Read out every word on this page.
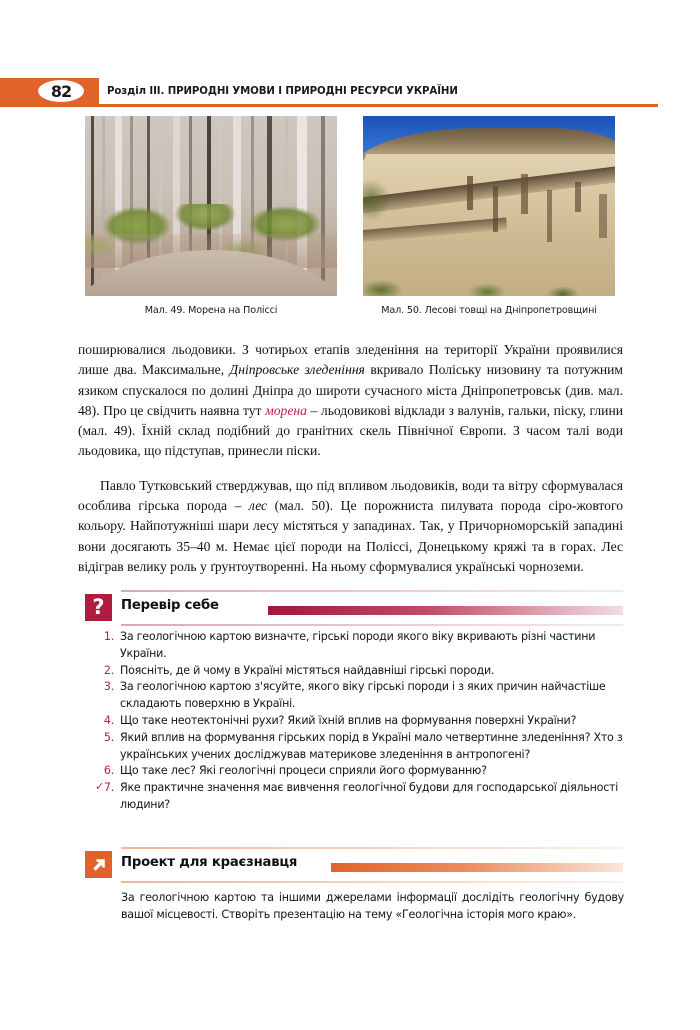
82	Розділ III. ПРИРОДНІ УМОВИ І ПРИРОДНІ РЕСУРСИ УКРАЇНИ
Мал. 49. Морена на Поліссі	Мал. 50. Лесові товщі на Дніпропетровщині

поширювалися льодовики. З чотирьох етапів зледеніння на території України проявилися лише два. Максимальне, Дніпровське зледеніння вкривало Поліську низовину та потужним язиком спускалося по долині Дніпра до широти сучасного міста Дніпропетровськ (див. мал. 48). Про це свідчить наявна тут морена – льодовикові відклади з валунів, гальки, піску, глини (мал. 49). Їхній склад подібний до гранітних скель Північної Європи. З часом талі води льодовика, що підступав, принесли піски.

Павло Тутковський стверджував, що під впливом льодовиків, води та вітру сформувалася особлива гірська порода – лес (мал. 50). Це порожниста пилувата порода сіро-жовтого кольору. Найпотужніші шари лесу містяться у западинах. Так, у Причорноморській западині вони досягають 35–40 м. Немає цієї породи на Поліссі, Донецькому кряжі та в горах. Лес відіграв велику роль у ґрунтоутворенні. На ньому сформувалися українські чорноземи.

? Перевір себе
1. За геологічною картою визначте, гірські породи якого віку вкривають різні частини України.
2. Поясніть, де й чому в Україні містяться найдавніші гірські породи.
3. За геологічною картою з'ясуйте, якого віку гірські породи і з яких причин найчастіше складають поверхню в Україні.
4. Що таке неотектонічні рухи? Який їхній вплив на формування поверхні України?
5. Який вплив на формування гірських порід в Україні мало четвертинне зледеніння? Хто з українських учених досліджував материкове зледеніння в антропогені?
6. Що таке лес? Які геологічні процеси сприяли його формуванню?
✓ 7. Яке практичне значення має вивчення геологічної будови для господарської діяльності людини?
Проект для краєзнавця
За геологічною картою та іншими джерелами інформації дослідіть геологічну будову вашої місцевості. Створіть презентацію на тему «Геологічна історія мого краю».
